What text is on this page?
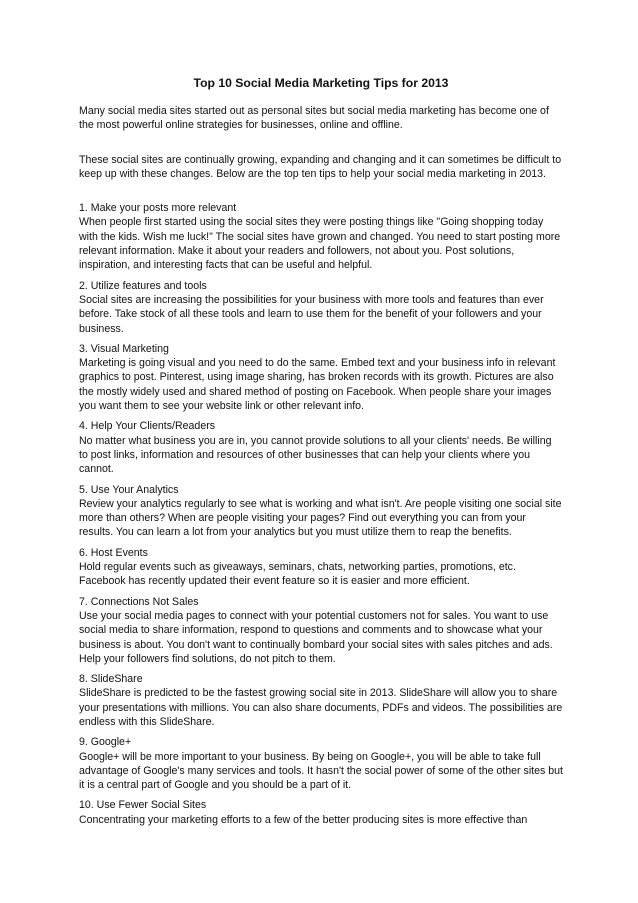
Top 10 Social Media Marketing Tips for 2013

Many social media sites started out as personal sites but social media marketing has become one of the most powerful online strategies for businesses, online and offline.

These social sites are continually growing, expanding and changing and it can sometimes be difficult to keep up with these changes. Below are the top ten tips to help your social media marketing in 2013.

1. Make your posts more relevant
When people first started using the social sites they were posting things like "Going shopping today with the kids. Wish me luck!" The social sites have grown and changed. You need to start posting more relevant information. Make it about your readers and followers, not about you. Post solutions, inspiration, and interesting facts that can be useful and helpful.
2. Utilize features and tools
Social sites are increasing the possibilities for your business with more tools and features than ever before. Take stock of all these tools and learn to use them for the benefit of your followers and your business.
3. Visual Marketing
Marketing is going visual and you need to do the same. Embed text and your business info in relevant graphics to post. Pinterest, using image sharing, has broken records with its growth. Pictures are also the mostly widely used and shared method of posting on Facebook. When people share your images you want them to see your website link or other relevant info.
4. Help Your Clients/Readers
No matter what business you are in, you cannot provide solutions to all your clients' needs. Be willing to post links, information and resources of other businesses that can help your clients where you cannot.
5. Use Your Analytics
Review your analytics regularly to see what is working and what isn't. Are people visiting one social site more than others? When are people visiting your pages? Find out everything you can from your results. You can learn a lot from your analytics but you must utilize them to reap the benefits.
6. Host Events
Hold regular events such as giveaways, seminars, chats, networking parties, promotions, etc. Facebook has recently updated their event feature so it is easier and more efficient.
7. Connections Not Sales
Use your social media pages to connect with your potential customers not for sales. You want to use social media to share information, respond to questions and comments and to showcase what your business is about. You don't want to continually bombard your social sites with sales pitches and ads. Help your followers find solutions, do not pitch to them.
8. SlideShare
SlideShare is predicted to be the fastest growing social site in 2013. SlideShare will allow you to share your presentations with millions. You can also share documents, PDFs and videos. The possibilities are endless with this SlideShare.
9. Google+
Google+ will be more important to your business. By being on Google+, you will be able to take full advantage of Google's many services and tools. It hasn't the social power of some of the other sites but it is a central part of Google and you should be a part of it.
10. Use Fewer Social Sites
Concentrating your marketing efforts to a few of the better producing sites is more effective than
